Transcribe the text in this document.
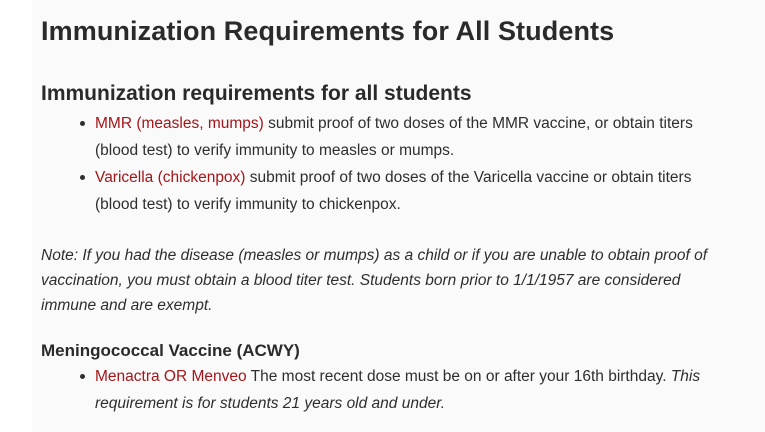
Immunization Requirements for All Students
Immunization requirements for all students
MMR (measles, mumps) submit proof of two doses of the MMR vaccine, or obtain titers (blood test) to verify immunity to measles or mumps.
Varicella (chickenpox) submit proof of two doses of the Varicella vaccine or obtain titers (blood test) to verify immunity to chickenpox.

Note: If you had the disease (measles or mumps) as a child or if you are unable to obtain proof of vaccination, you must obtain a blood titer test. Students born prior to 1/1/1957 are considered immune and are exempt.

Meningococcal Vaccine (ACWY)
Menactra OR Menveo The most recent dose must be on or after your 16th birthday. This requirement is for students 21 years old and under.
